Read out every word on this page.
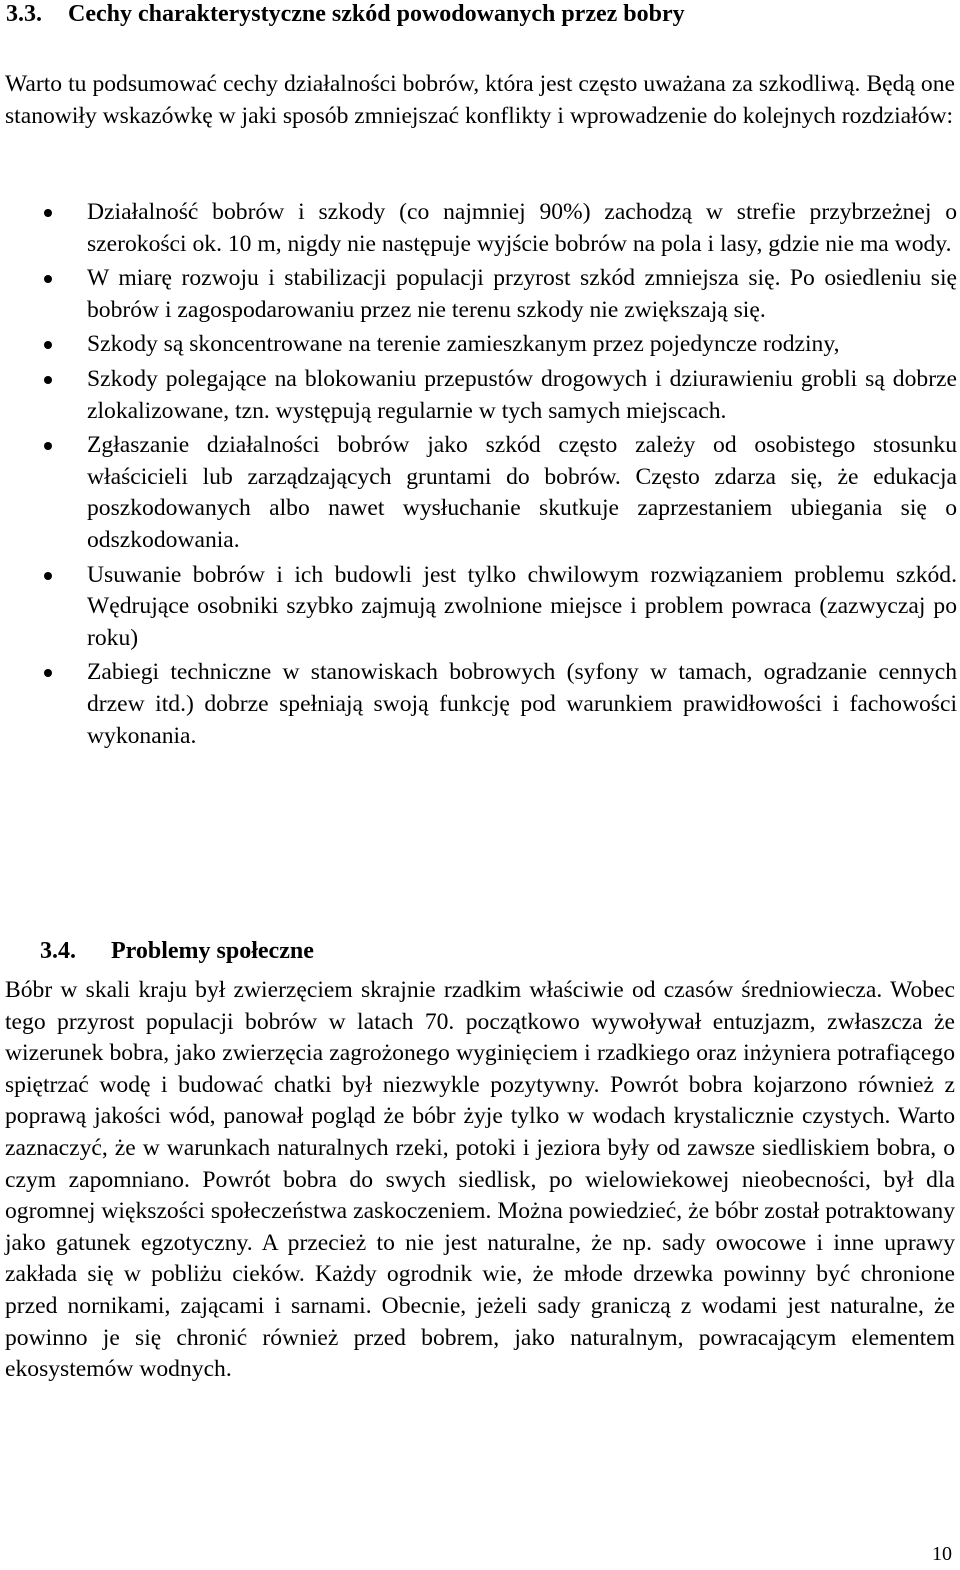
3.3. Cechy charakterystyczne szkód powodowanych przez bobry
Warto tu podsumować cechy działalności bobrów, która jest często uważana za szkodliwą. Będą one stanowiły wskazówkę w jaki sposób zmniejszać konflikty i wprowadzenie do kolejnych rozdziałów:
Działalność bobrów i szkody (co najmniej 90%) zachodzą w strefie przybrzeżnej o szerokości ok. 10 m, nigdy nie następuje wyjście bobrów na pola i lasy, gdzie nie ma wody.
W miarę rozwoju i stabilizacji populacji przyrost szkód zmniejsza się. Po osiedleniu się bobrów i zagospodarowaniu przez nie terenu szkody nie zwiększają się.
Szkody są skoncentrowane na terenie zamieszkanym przez pojedyncze rodziny,
Szkody polegające na blokowaniu przepustów drogowych i dziurawieniu grobli są dobrze zlokalizowane, tzn. występują regularnie w tych samych miejscach.
Zgłaszanie działalności bobrów jako szkód często zależy od osobistego stosunku właścicieli lub zarządzających gruntami do bobrów. Często zdarza się, że edukacja poszkodowanych albo nawet wysłuchanie skutkuje zaprzestaniem ubiegania się o odszkodowania.
Usuwanie bobrów i ich budowli jest tylko chwilowym rozwiązaniem problemu szkód. Wędrujące osobniki szybko zajmują zwolnione miejsce i problem powraca (zazwyczaj po roku)
Zabiegi techniczne w stanowiskach bobrowych (syfony w tamach, ogradzanie cennych drzew itd.) dobrze spełniają swoją funkcję pod warunkiem prawidłowości i fachowości wykonania.
3.4. Problemy społeczne
Bóbr w skali kraju był zwierzęciem skrajnie rzadkim właściwie od czasów średniowiecza. Wobec tego przyrost populacji bobrów w latach 70. początkowo wywoływał entuzjazm, zwłaszcza że wizerunek bobra, jako zwierzęcia zagrożonego wyginięciem i rzadkiego oraz inżyniera potrafiącego spiętrzać wodę i budować chatki był niezwykle pozytywny. Powrót bobra kojarzono również z poprawą jakości wód, panował pogląd że bóbr żyje tylko w wodach krystalicznie czystych. Warto zaznaczyć, że w warunkach naturalnych rzeki, potoki i jeziora były od zawsze siedliskiem bobra, o czym zapomniano. Powrót bobra do swych siedlisk, po wielowiekowej nieobecności, był dla ogromnej większości społeczeństwa zaskoczeniem. Można powiedzieć, że bóbr został potraktowany jako gatunek egzotyczny. A przecież to nie jest naturalne, że np. sady owocowe i inne uprawy zakłada się w pobliżu cieków. Każdy ogrodnik wie, że młode drzewka powinny być chronione przed nornikami, zającami i sarnami. Obecnie, jeżeli sady graniczą z wodami jest naturalne, że powinno je się chronić również przed bobrem, jako naturalnym, powracającym elementem ekosystemów wodnych.
10
